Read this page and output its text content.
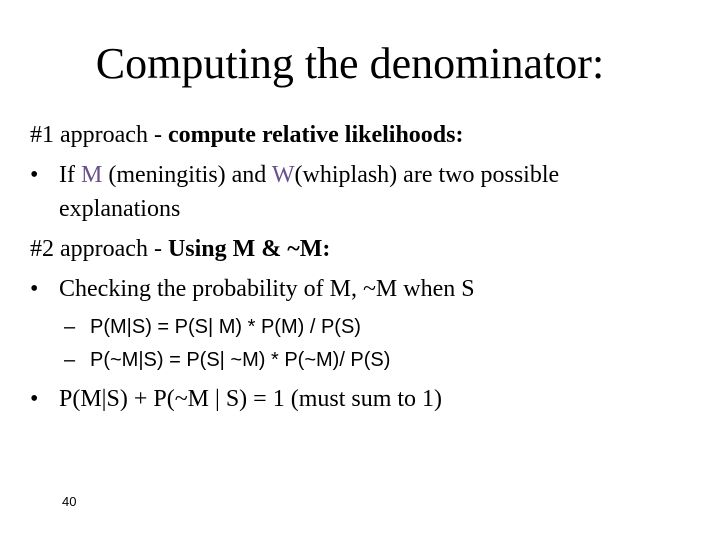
Computing the denominator:
#1 approach - compute relative likelihoods:
• If M (meningitis) and W(whiplash) are two possible
explanations
#2 approach - Using M & ~M:
• Checking the probability of M, ~M when S
– P(M|S) = P(S| M) * P(M) / P(S)
– P(~M|S) = P(S| ~M) * P(~M)/ P(S)
• P(M|S) + P(~M | S) = 1 (must sum to 1)
40
